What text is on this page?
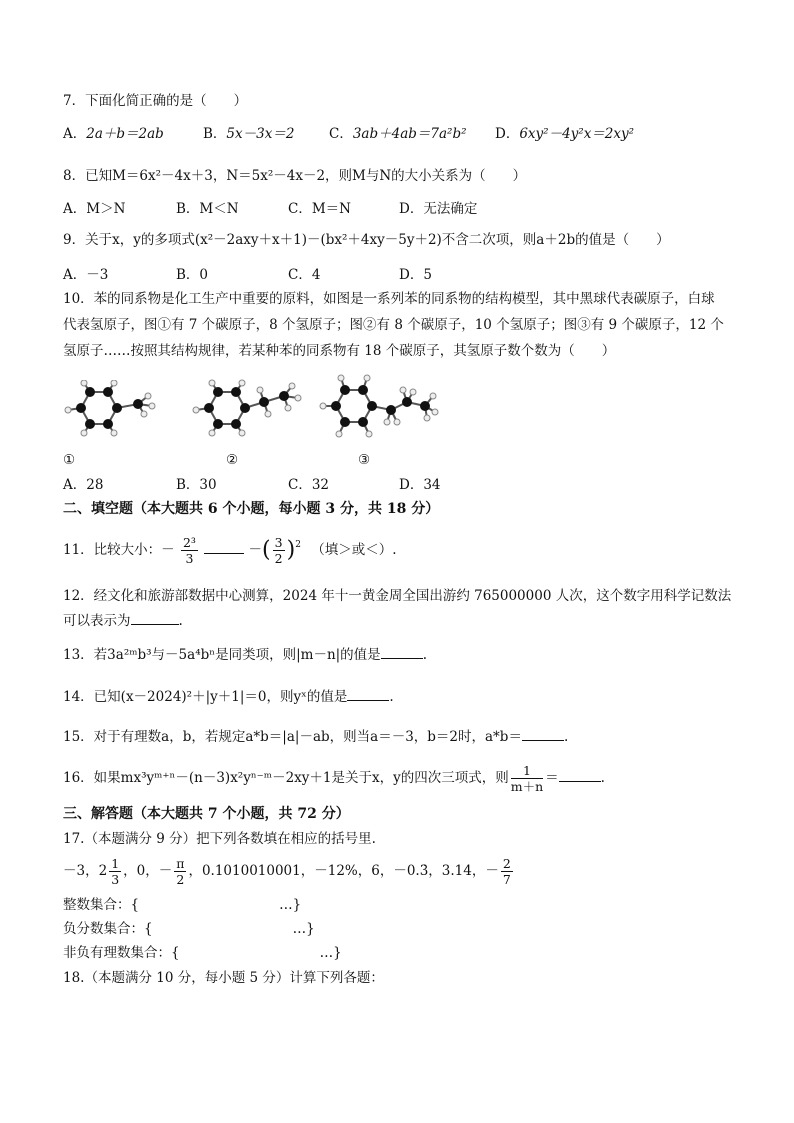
7．下面化简正确的是（　　）
A．2a＋b＝2ab	B．5x－3x＝2	C．3ab＋4ab＝7a²b² D．6xy²－4y²x＝2xy²
8．已知M＝6x²－4x＋3，N＝5x²－4x－2，则M与N的大小关系为（　　）
A．M＞N	B．M＜N	C．M＝N	D．无法确定
9．关于x，y的多项式(x²－2axy＋x＋1)－(bx²＋4xy－5y＋2)不含二次项，则a＋2b的值是（　　）
A．－3	B．0	C．4	D．5
10．苯的同系物是化工生产中重要的原料，如图是一系列苯的同系物的结构模型，其中黑球代表碳原子，白球
代表氢原子，图①有 7 个碳原子，8 个氢原子；图②有 8 个碳原子，10 个氢原子；图③有 9 个碳原子，12 个
氢原子……按照其结构规律，若某种苯的同系物有 18 个碳原子，其氢原子数个数为（　　）
①	②	③
A．28	B．30	C．32	D．34
二、填空题（本大题共 6 个小题，每小题 3 分，共 18 分）
11．比较大小：－ $\frac{\text{2³}}{3}$	－( $\frac{3}{2} )^2$ （填＞或＜）.
12．经文化和旅游部数据中心测算，2024 年十一黄金周全国出游约 765000000 人次，这个数字用科学记数法
可以表示为	.
13．若3a²ᵐb³与－5a⁴bⁿ是同类项，则|m－n|的值是	.
14．已知(x－2024)²＋|y＋1|＝0，则yˣ的值是	.
15．对于有理数a，b，若规定a*b＝|a|－ab，则当a＝－3，b＝2时，a*b＝	.
16．如果mx³yᵐ⁺ⁿ－(n－3)x²yⁿ⁻ᵐ－2xy＋1是关于x，y的四次三项式，则 $\frac{1}{m+n}$ ＝	.
三、解答题（本大题共 7 个小题，共 72 分）
17.（本题满分 9 分）把下列各数填在相应的括号里.
－3，$2 \frac{1}{3}$ ，0，－ $\frac{\pi}{2}$ ，0.1010010001，－12%，6，－0.3̇，3.14，－ $\frac{2}{7}$
整数集合：{	…}
负分数集合：{	…}
非负有理数集合：{	…}
18.（本题满分 10 分，每小题 5 分）计算下列各题：
